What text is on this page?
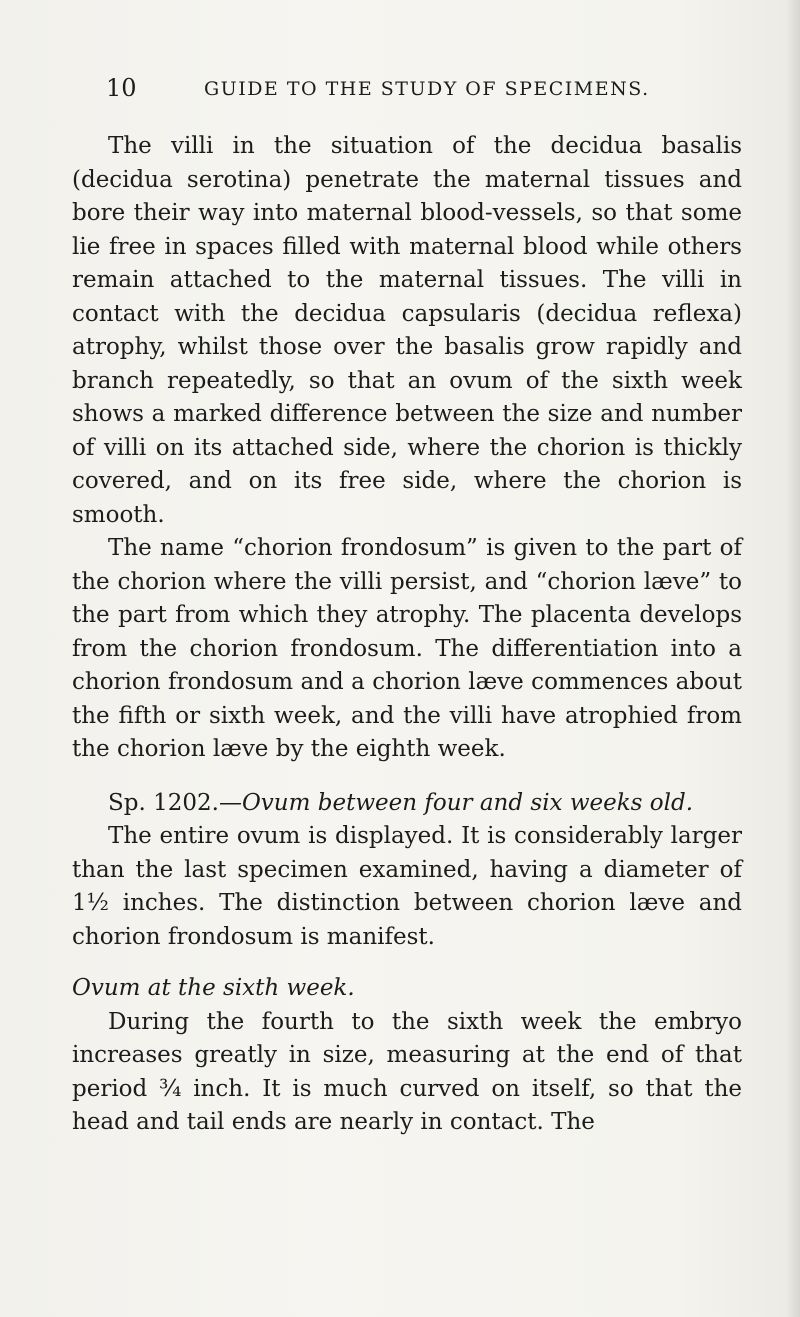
10	GUIDE TO THE STUDY OF SPECIMENS.

The villi in the situation of the decidua basalis (decidua serotina) penetrate the maternal tissues and bore their way into maternal blood-vessels, so that some lie free in spaces filled with maternal blood while others remain attached to the maternal tissues. The villi in contact with the decidua capsularis (decidua reflexa) atrophy, whilst those over the basalis grow rapidly and branch repeatedly, so that an ovum of the sixth week shows a marked difference between the size and number of villi on its attached side, where the chorion is thickly covered, and on its free side, where the chorion is smooth.

The name “chorion frondosum” is given to the part of the chorion where the villi persist, and “chorion læve” to the part from which they atrophy. The placenta develops from the chorion frondosum. The differentiation into a chorion frondosum and a chorion læve commences about the fifth or sixth week, and the villi have atrophied from the chorion læve by the eighth week.

Sp. 1202.—Ovum between four and six weeks old.

The entire ovum is displayed. It is considerably larger than the last specimen examined, having a diameter of 1½ inches. The distinction between chorion læve and chorion frondosum is manifest.

Ovum at the sixth week.

During the fourth to the sixth week the embryo increases greatly in size, measuring at the end of that period ¾ inch. It is much curved on itself, so that the head and tail ends are nearly in contact. The
